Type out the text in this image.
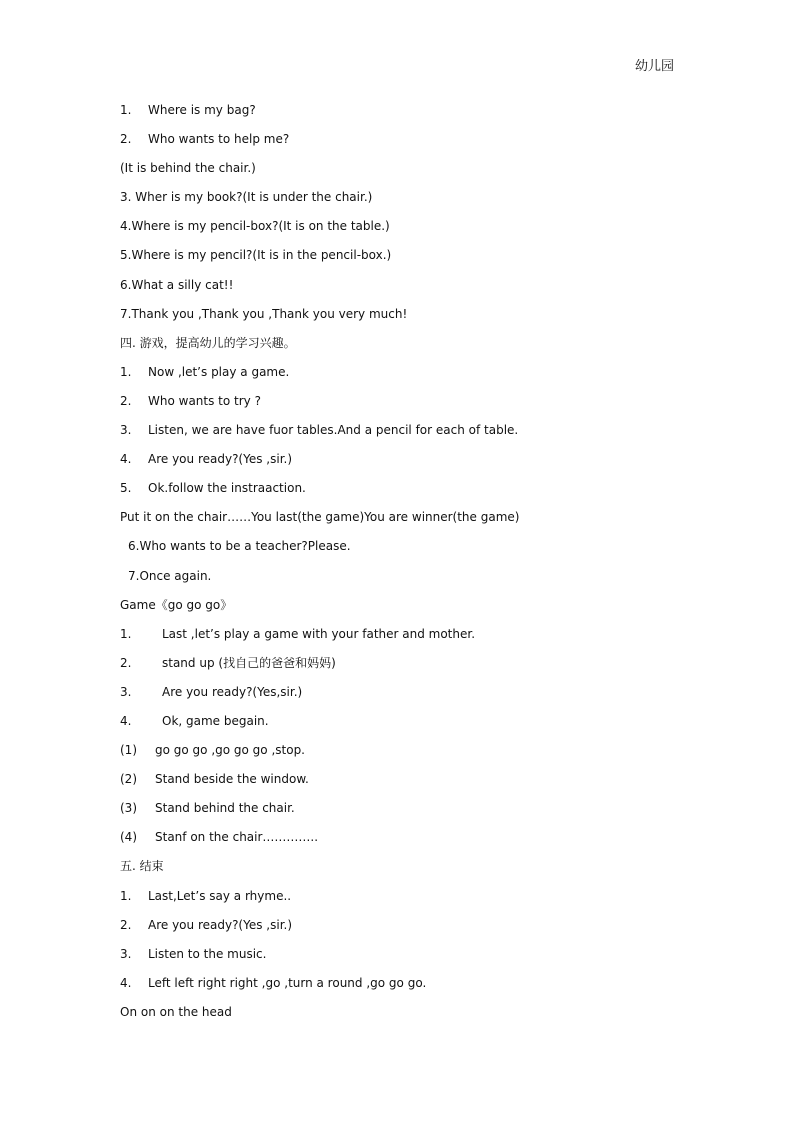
幼儿园
1. Where is my bag?
2. Who wants to help me?
(It is behind the chair.)
3. Wher is my book?(It is under the chair.)
4.Where is my pencil-box?(It is on the table.)
5.Where is my pencil?(It is in the pencil-box.)
6.What a silly cat!!
7.Thank you ,Thank you ,Thank you very much!
四. 游戏，提高幼儿的学习兴趣。
1. Now ,let’s play a game.
2. Who wants to try ?
3. Listen, we are have fuor tables.And a pencil for each of table.
4. Are you ready?(Yes ,sir.)
5. Ok.follow the instraaction.
Put it on the chair……You last(the game)You are winner(the game)
6.Who wants to be a teacher?Please.
7.Once again.
Game《go go go》
1.	Last ,let’s play a game with your father and mother.
2.	stand up (找自己的爸爸和妈妈)
3.	Are you ready?(Yes,sir.)
4.	Ok, game begain.
(1) go go go ,go go go ,stop.
(2) Stand beside the window.
(3) Stand behind the chair.
(4) Stanf on the chair…………..
五. 结束
1. Last,Let’s say a rhyme..
2. Are you ready?(Yes ,sir.)
3. Listen to the music.
4. Left left right right ,go ,turn a round ,go go go.
On on on the head
